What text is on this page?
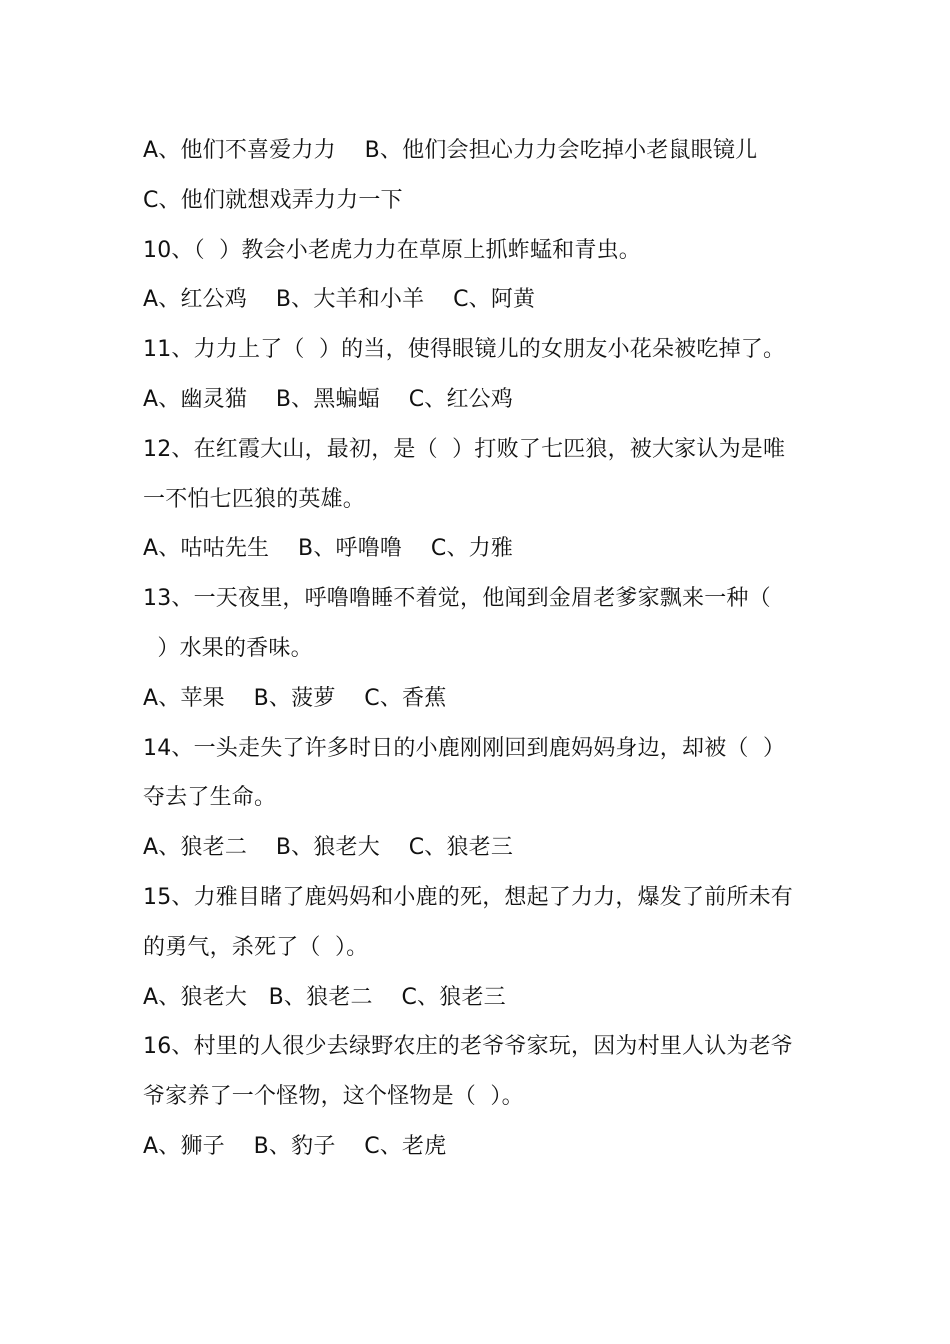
A、他们不喜爱力力    B、他们会担心力力会吃掉小老鼠眼镜儿
C、他们就想戏弄力力一下
10、（  ）教会小老虎力力在草原上抓蚱蜢和青虫。
A、红公鸡    B、大羊和小羊    C、阿黄
11、力力上了（  ）的当，使得眼镜儿的女朋友小花朵被吃掉了。
A、幽灵猫    B、黑蝙蝠    C、红公鸡
12、在红霞大山，最初，是（  ）打败了七匹狼，被大家认为是唯
一不怕七匹狼的英雄。
A、咕咕先生    B、呼噜噜    C、力雅
13、一天夜里，呼噜噜睡不着觉，他闻到金眉老爹家飘来一种（
）水果的香味。
A、苹果    B、菠萝    C、香蕉
14、一头走失了许多时日的小鹿刚刚回到鹿妈妈身边，却被（  ）
夺去了生命。
A、狼老二    B、狼老大    C、狼老三
15、力雅目睹了鹿妈妈和小鹿的死，想起了力力，爆发了前所未有
的勇气，杀死了（  ）。
A、狼老大   B、狼老二    C、狼老三
16、村里的人很少去绿野农庄的老爷爷家玩，因为村里人认为老爷
爷家养了一个怪物，这个怪物是（  ）。
A、狮子    B、豹子    C、老虎
